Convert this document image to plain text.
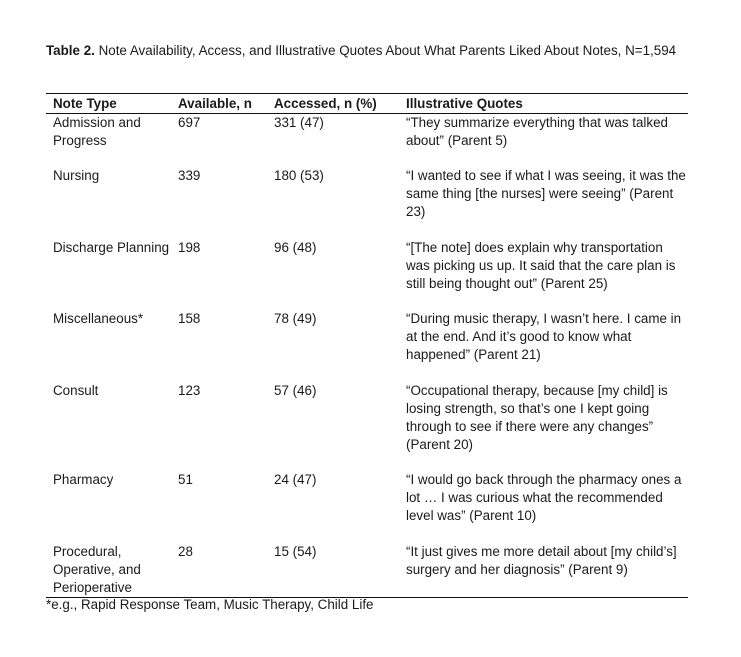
Table 2. Note Availability, Access, and Illustrative Quotes About What Parents Liked About Notes, N=1,594
Note Type	Available, n	Accessed, n (%)	Illustrative Quotes
Admission and Progress	697	331 (47)	“They summarize everything that was talked about” (Parent 5)
Nursing	339	180 (53)	“I wanted to see if what I was seeing, it was the same thing [the nurses] were seeing” (Parent 23)
Discharge Planning	198	96 (48)	“[The note] does explain why transportation was picking us up. It said that the care plan is still being thought out” (Parent 25)
Miscellaneous*	158	78 (49)	“During music therapy, I wasn’t here. I came in at the end. And it’s good to know what happened” (Parent 21)
Consult	123	57 (46)	“Occupational therapy, because [my child] is losing strength, so that’s one I kept going through to see if there were any changes” (Parent 20)
Pharmacy	51	24 (47)	“I would go back through the pharmacy ones a lot … I was curious what the recommended level was” (Parent 10)
Procedural, Operative, and Perioperative	28	15 (54)	“It just gives me more detail about [my child’s] surgery and her diagnosis” (Parent 9)
*e.g., Rapid Response Team, Music Therapy, Child Life
